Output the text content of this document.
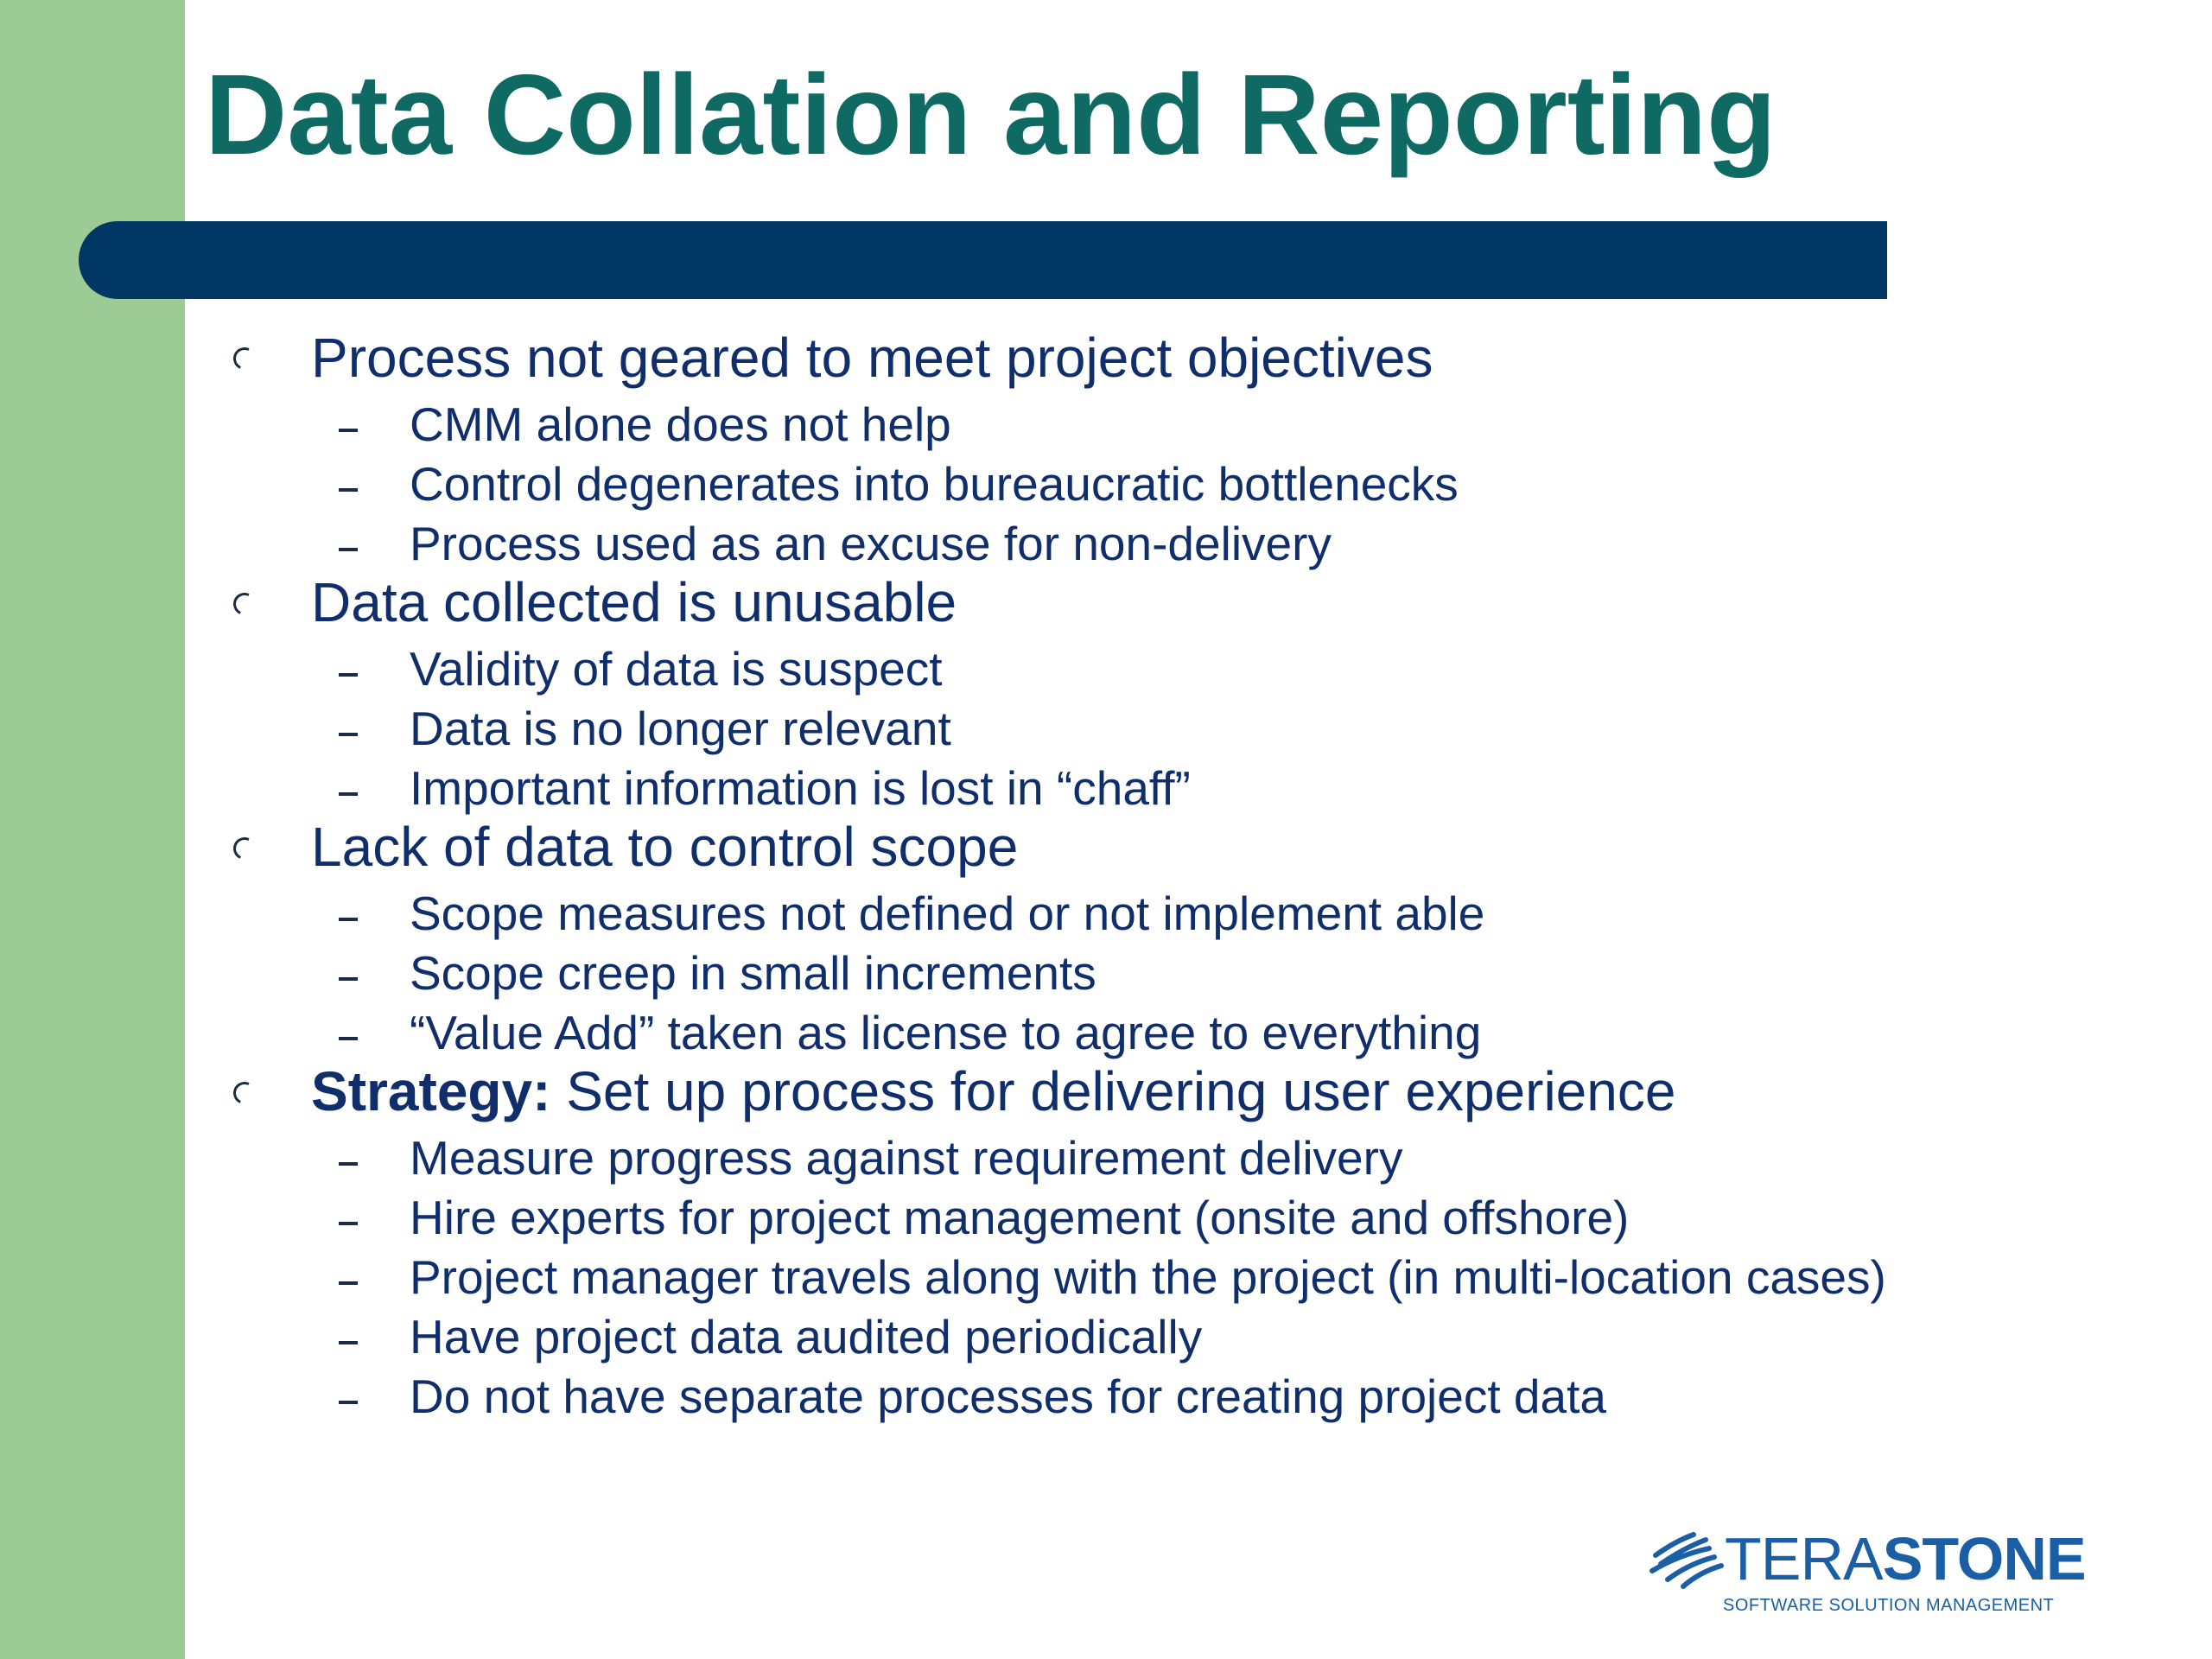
Data Collation and Reporting
Process not geared to meet project objectives
CMM alone does not help
Control degenerates into bureaucratic bottlenecks
Process used as an excuse for non-delivery
Data collected is unusable
Validity of data is suspect
Data is no longer relevant
Important information is lost in “chaff”
Lack of data to control scope
Scope measures not defined or not implement able
Scope creep in small increments
“Value Add” taken as license to agree to everything
Strategy: Set up process for delivering user experience
Measure progress against requirement delivery
Hire experts for project management (onsite and offshore)
Project manager travels along with the project (in multi-location cases)
Have project data audited periodically
Do not have separate processes for creating project data
TERASTONE
SOFTWARE SOLUTION MANAGEMENT
